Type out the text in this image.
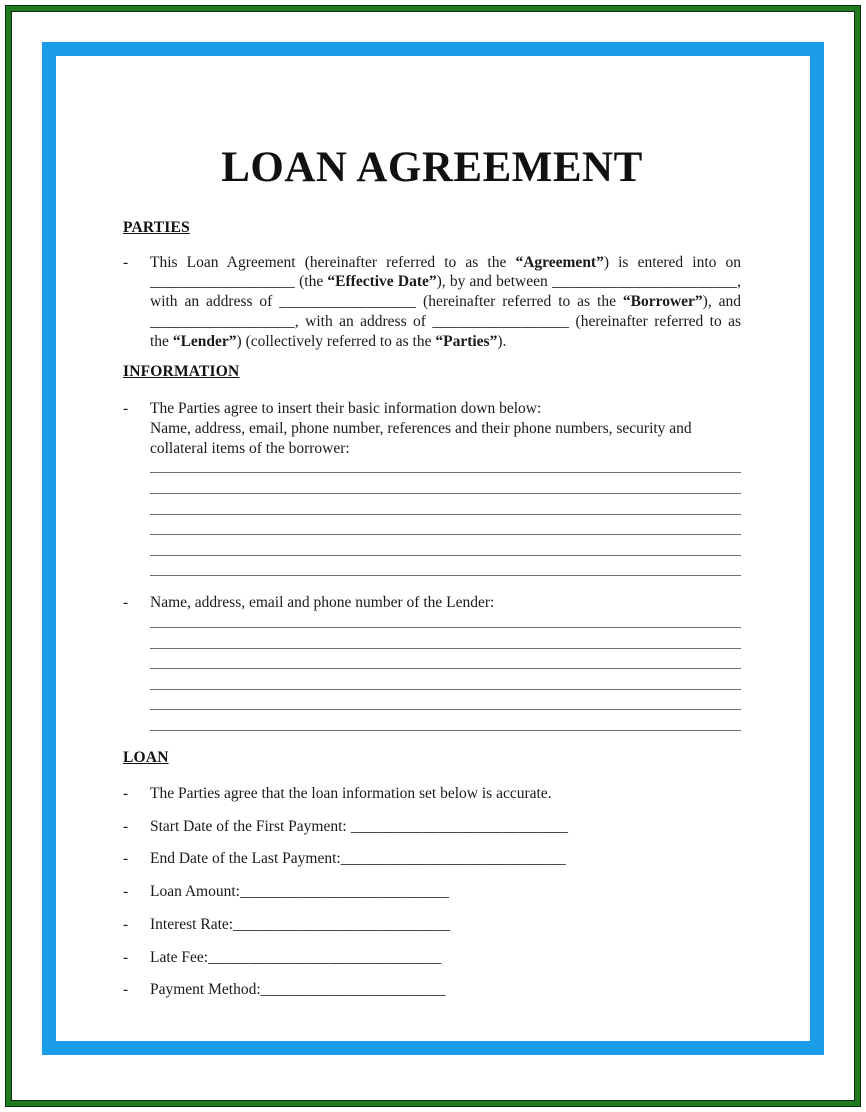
LOAN AGREEMENT
PARTIES
-	This Loan Agreement (hereinafter referred to as the “Agreement”) is entered into on __________________ (the “Effective Date”), by and between _______________________, with an address of _________________ (hereinafter referred to as the “Borrower”), and __________________, with an address of _________________ (hereinafter referred to as the “Lender”) (collectively referred to as the “Parties”).

INFORMATION
-	The Parties agree to insert their basic information down below:

Name, address, email, phone number, references and their phone numbers, security and collateral items of the borrower:

-	Name, address, email and phone number of the Lender:

LOAN
-	The Parties agree that the loan information set below is accurate.

-	Start Date of the First Payment: ___________________________

-	End Date of the Last Payment:____________________________

-	Loan Amount:__________________________

-	Interest Rate:___________________________

-	Late Fee:_____________________________

-	Payment Method:_______________________
